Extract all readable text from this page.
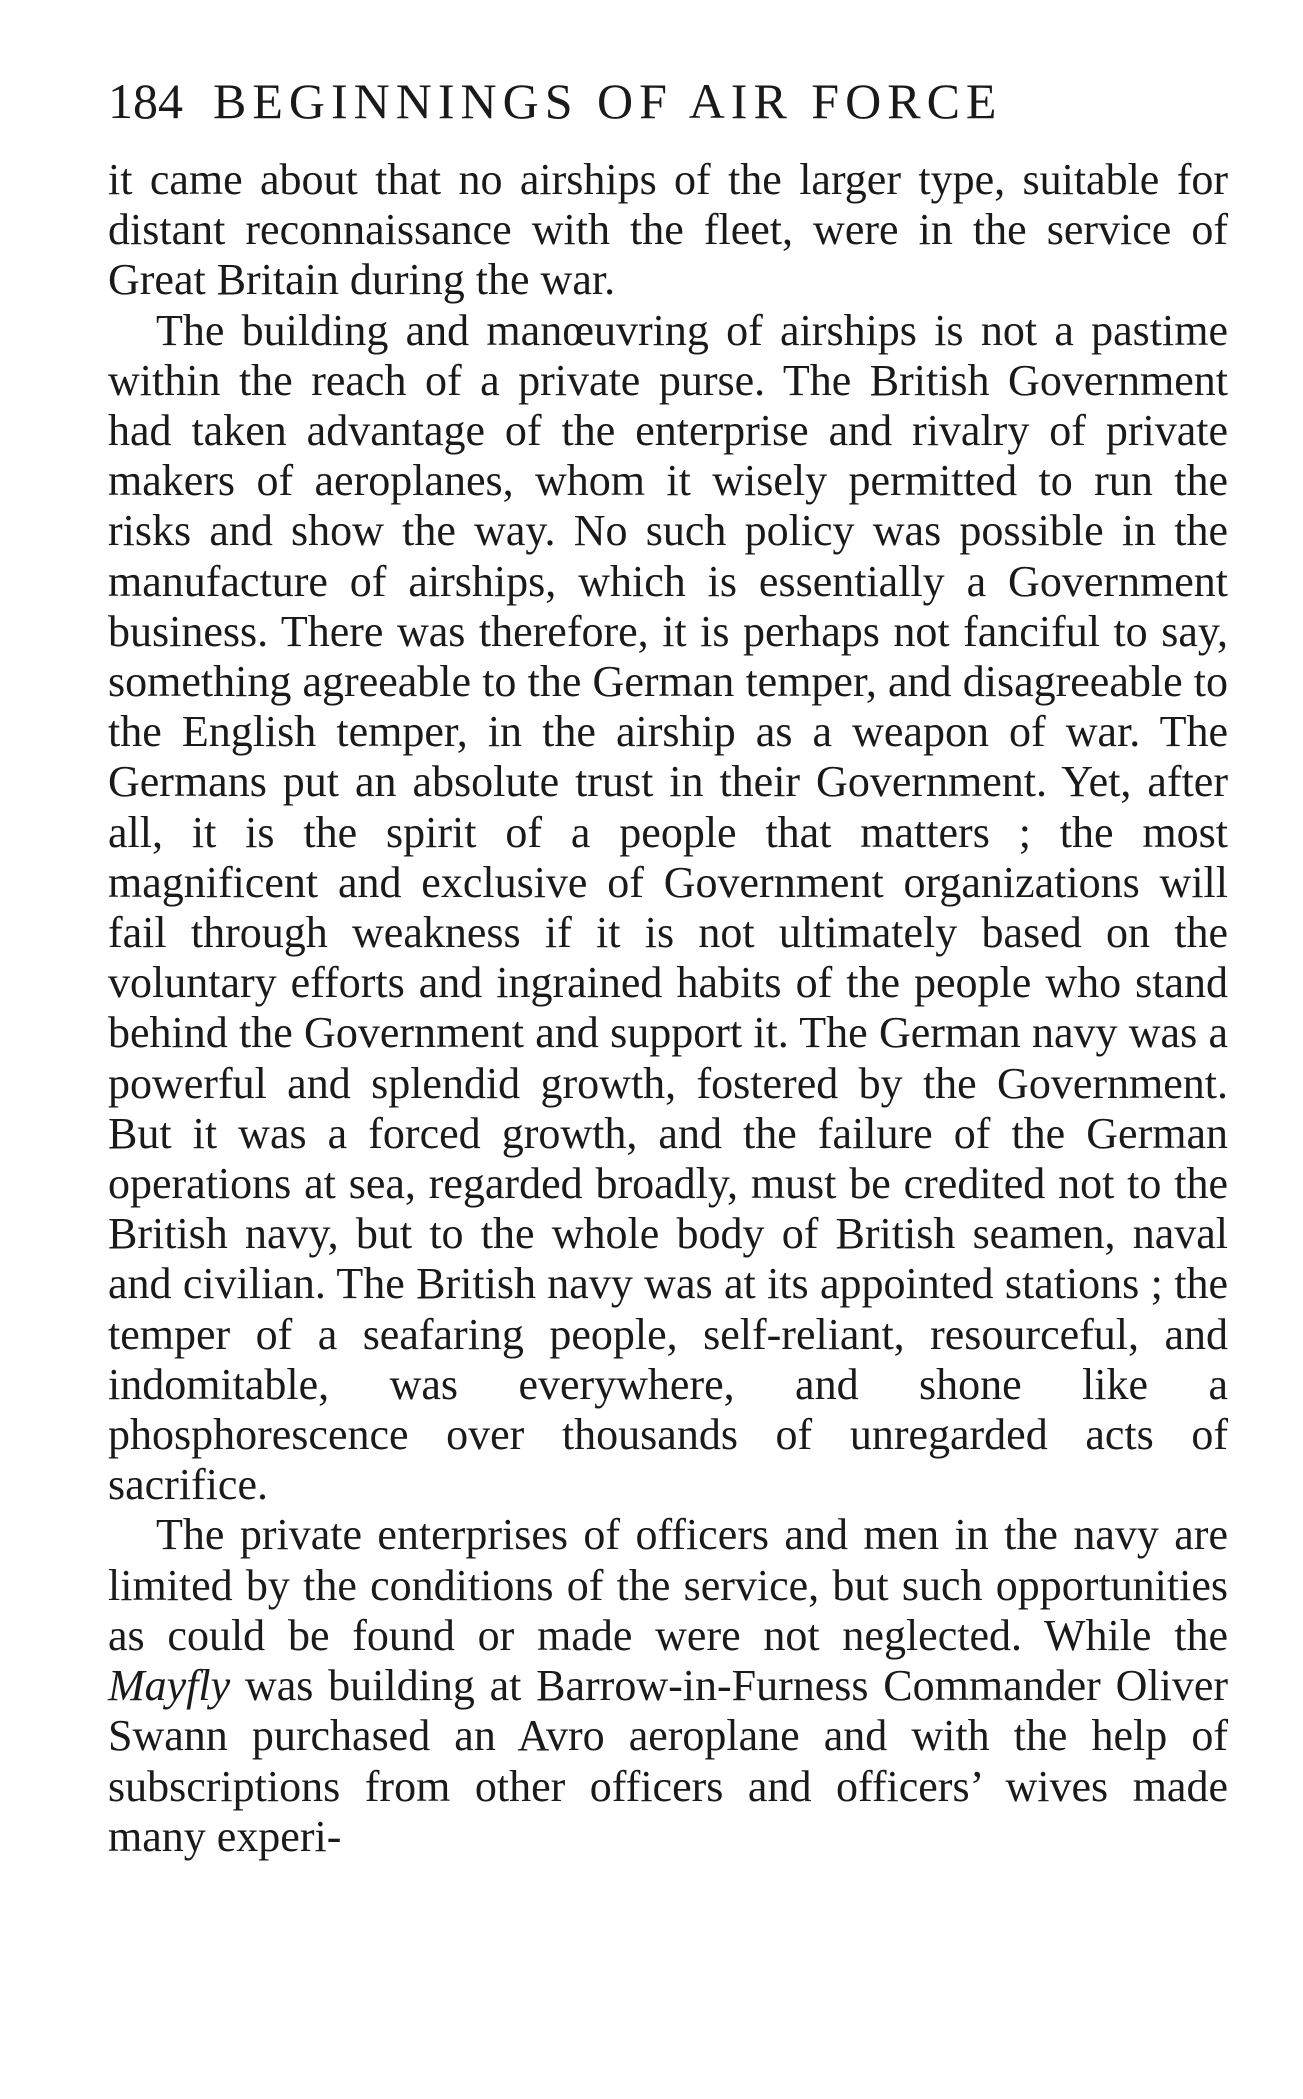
184 BEGINNINGS OF AIR FORCE

it came about that no airships of the larger type, suitable for distant reconnaissance with the fleet, were in the service of Great Britain during the war.

The building and manœuvring of airships is not a pastime within the reach of a private purse. The British Government had taken advantage of the enterprise and rivalry of private makers of aeroplanes, whom it wisely permitted to run the risks and show the way. No such policy was possible in the manufacture of airships, which is essentially a Government business. There was therefore, it is perhaps not fanciful to say, something agreeable to the German temper, and disagreeable to the English temper, in the airship as a weapon of war. The Germans put an absolute trust in their Government. Yet, after all, it is the spirit of a people that matters ; the most magnificent and exclusive of Government organizations will fail through weakness if it is not ultimately based on the voluntary efforts and ingrained habits of the people who stand behind the Government and support it. The German navy was a powerful and splendid growth, fostered by the Government. But it was a forced growth, and the failure of the German operations at sea, regarded broadly, must be credited not to the British navy, but to the whole body of British seamen, naval and civilian. The British navy was at its appointed stations ; the temper of a seafaring people, self-reliant, resourceful, and indomitable, was everywhere, and shone like a phosphorescence over thousands of unregarded acts of sacrifice.

The private enterprises of officers and men in the navy are limited by the conditions of the service, but such opportunities as could be found or made were not neglected. While the Mayfly was building at Barrow-in-Furness Commander Oliver Swann purchased an Avro aeroplane and with the help of subscriptions from other officers and officers’ wives made many experi-
